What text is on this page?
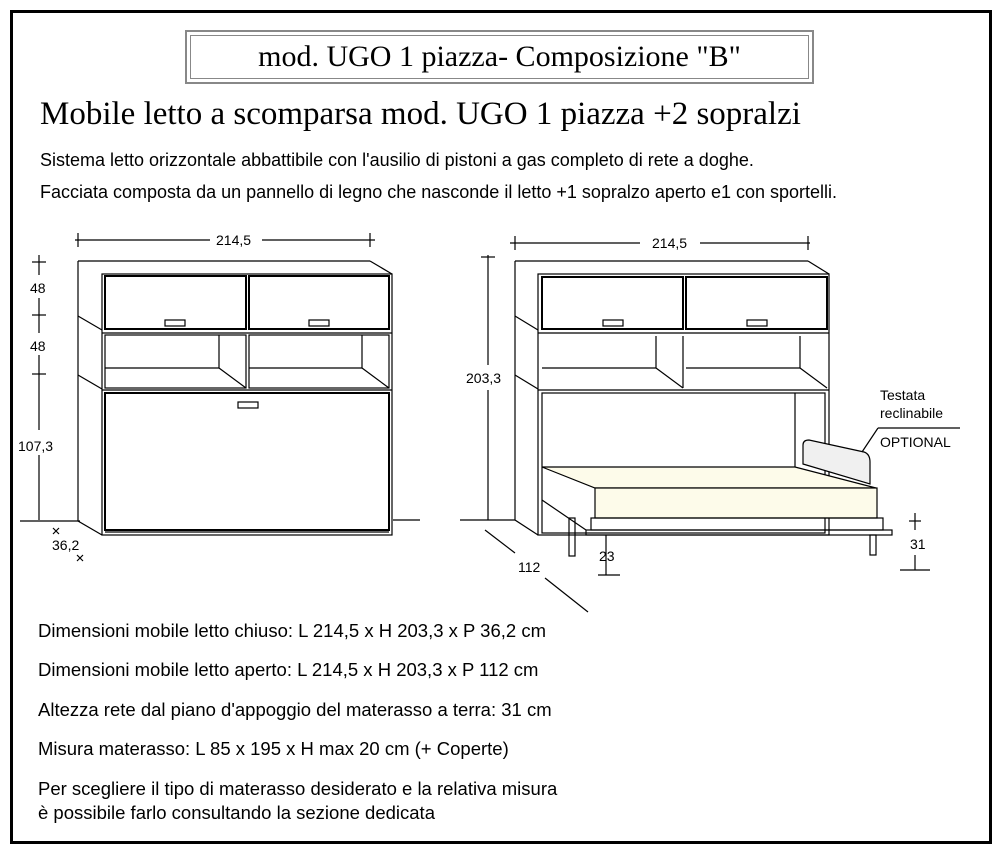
mod. UGO 1 piazza - Composizione "B"
Mobile letto a scomparsa mod. UGO 1 piazza +2 sopralzi
Sistema letto orizzontale abbattibile con l'ausilio di pistoni a gas completo di rete a doghe.
Facciata composta da un pannello di legno che nasconde il letto +1 sopralzo aperto e1 con sportelli.
214,5
48
48
107,3
36,2
214,5
203,3
23
31
112
Testata
reclinabile
OPTIONAL
Dimensioni mobile letto chiuso: L 214,5 x H 203,3 x P 36,2 cm
Dimensioni mobile letto aperto: L 214,5 x H 203,3 x P 112 cm
Altezza rete dal piano d'appoggio del materasso a terra: 31 cm
Misura materasso: L 85 x 195 x H max 20 cm (+ Coperte)
Per scegliere il tipo di materasso desiderato e la relativa misura
è possibile farlo consultando la sezione dedicata
